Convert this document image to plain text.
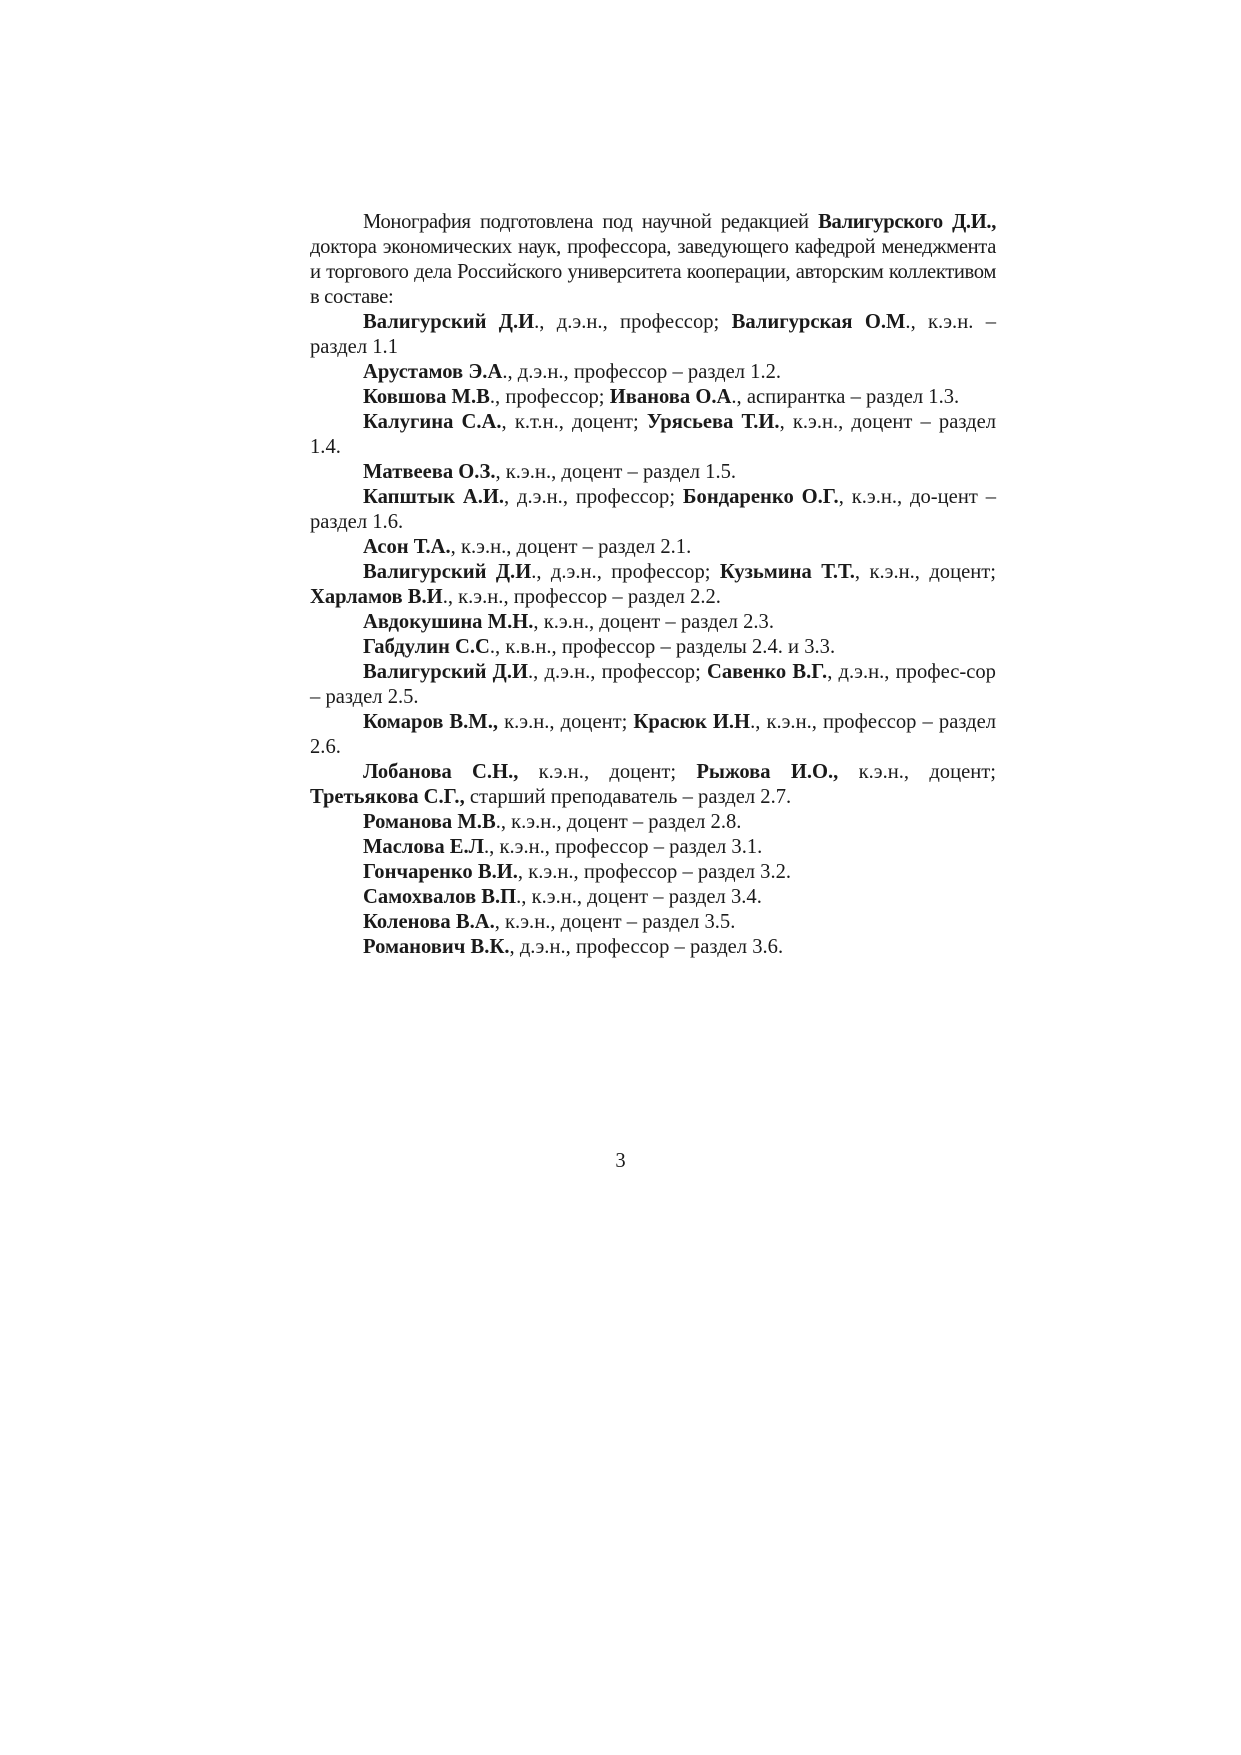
Монография подготовлена под научной редакцией Валигурского Д.И., доктора экономических наук, профессора, заведующего кафедрой менеджмента и торгового дела Российского университета кооперации, авторским коллективом в составе:

Валигурский Д.И., д.э.н., профессор; Валигурская О.М., к.э.н. – раздел 1.1

Арустамов Э.А., д.э.н., профессор – раздел 1.2.

Ковшова М.В., профессор; Иванова О.А., аспирантка – раздел 1.3.

Калугина С.А., к.т.н., доцент; Урясьева Т.И., к.э.н., доцент – раздел 1.4.

Матвеева О.З., к.э.н., доцент – раздел 1.5.

Капштык А.И., д.э.н., профессор; Бондаренко О.Г., к.э.н., до-цент – раздел 1.6.

Асон Т.А., к.э.н., доцент – раздел 2.1.

Валигурский Д.И., д.э.н., профессор; Кузьмина Т.Т., к.э.н., доцент; Харламов В.И., к.э.н., профессор – раздел 2.2.

Авдокушина М.Н., к.э.н., доцент – раздел 2.3.

Габдулин С.С., к.в.н., профессор – разделы 2.4. и 3.3.

Валигурский Д.И., д.э.н., профессор; Савенко В.Г., д.э.н., профес-сор – раздел 2.5.

Комаров В.М., к.э.н., доцент; Красюк И.Н., к.э.н., профессор – раздел 2.6.

Лобанова С.Н., к.э.н., доцент; Рыжова И.О., к.э.н., доцент; Третьякова С.Г., старший преподаватель – раздел 2.7.

Романова М.В., к.э.н., доцент – раздел 2.8.

Маслова Е.Л., к.э.н., профессор – раздел 3.1.

Гончаренко В.И., к.э.н., профессор – раздел 3.2.

Самохвалов В.П., к.э.н., доцент – раздел 3.4.

Коленова В.А., к.э.н., доцент – раздел 3.5.

Романович В.К., д.э.н., профессор – раздел 3.6.

3
